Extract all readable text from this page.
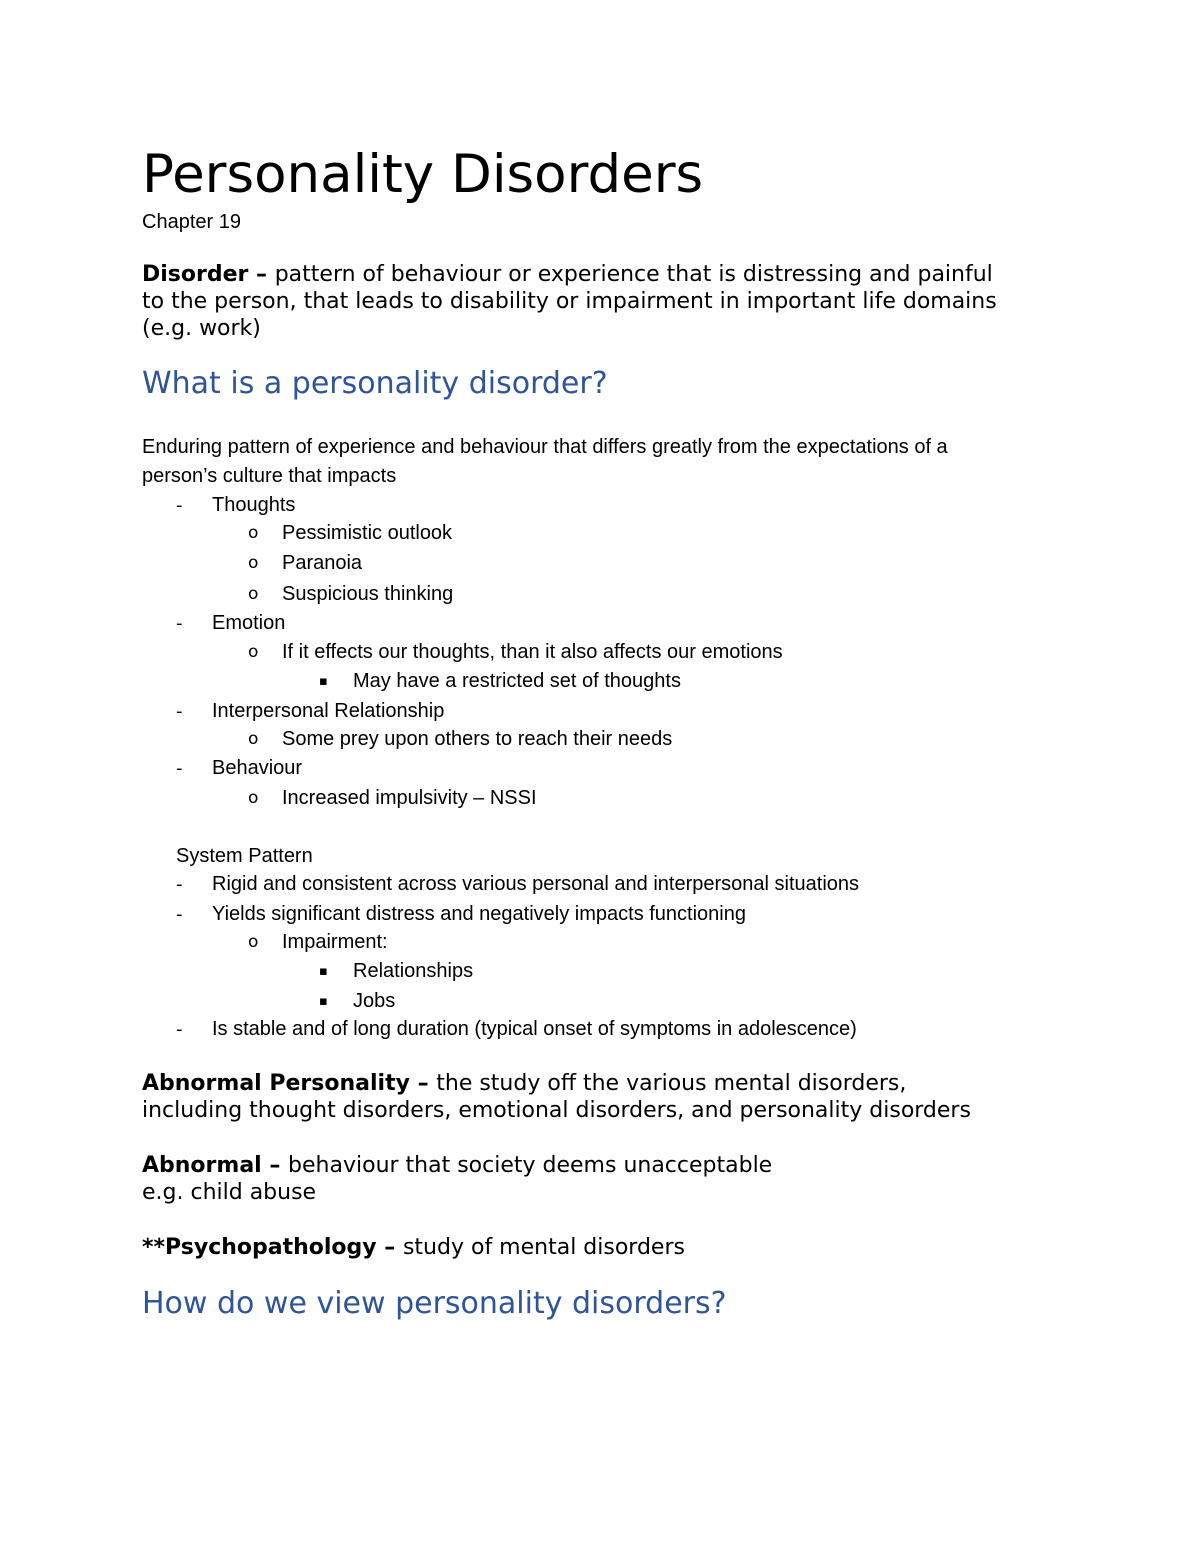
Personality Disorders
Chapter 19
Disorder – pattern of behaviour or experience that is distressing and painful
to the person, that leads to disability or impairment in important life domains
(e.g. work)
What is a personality disorder?
Enduring pattern of experience and behaviour that differs greatly from the expectations of a
person’s culture that impacts
- Thoughts
o Pessimistic outlook
o Paranoia
o Suspicious thinking
- Emotion
o If it effects our thoughts, than it also affects our emotions
▪ May have a restricted set of thoughts
- Interpersonal Relationship
o Some prey upon others to reach their needs
- Behaviour
o Increased impulsivity – NSSI
System Pattern
- Rigid and consistent across various personal and interpersonal situations
- Yields significant distress and negatively impacts functioning
o Impairment:
▪ Relationships
▪ Jobs
- Is stable and of long duration (typical onset of symptoms in adolescence)
Abnormal Personality – the study off the various mental disorders,
including thought disorders, emotional disorders, and personality disorders
Abnormal – behaviour that society deems unacceptable
e.g. child abuse
**Psychopathology – study of mental disorders
How do we view personality disorders?
